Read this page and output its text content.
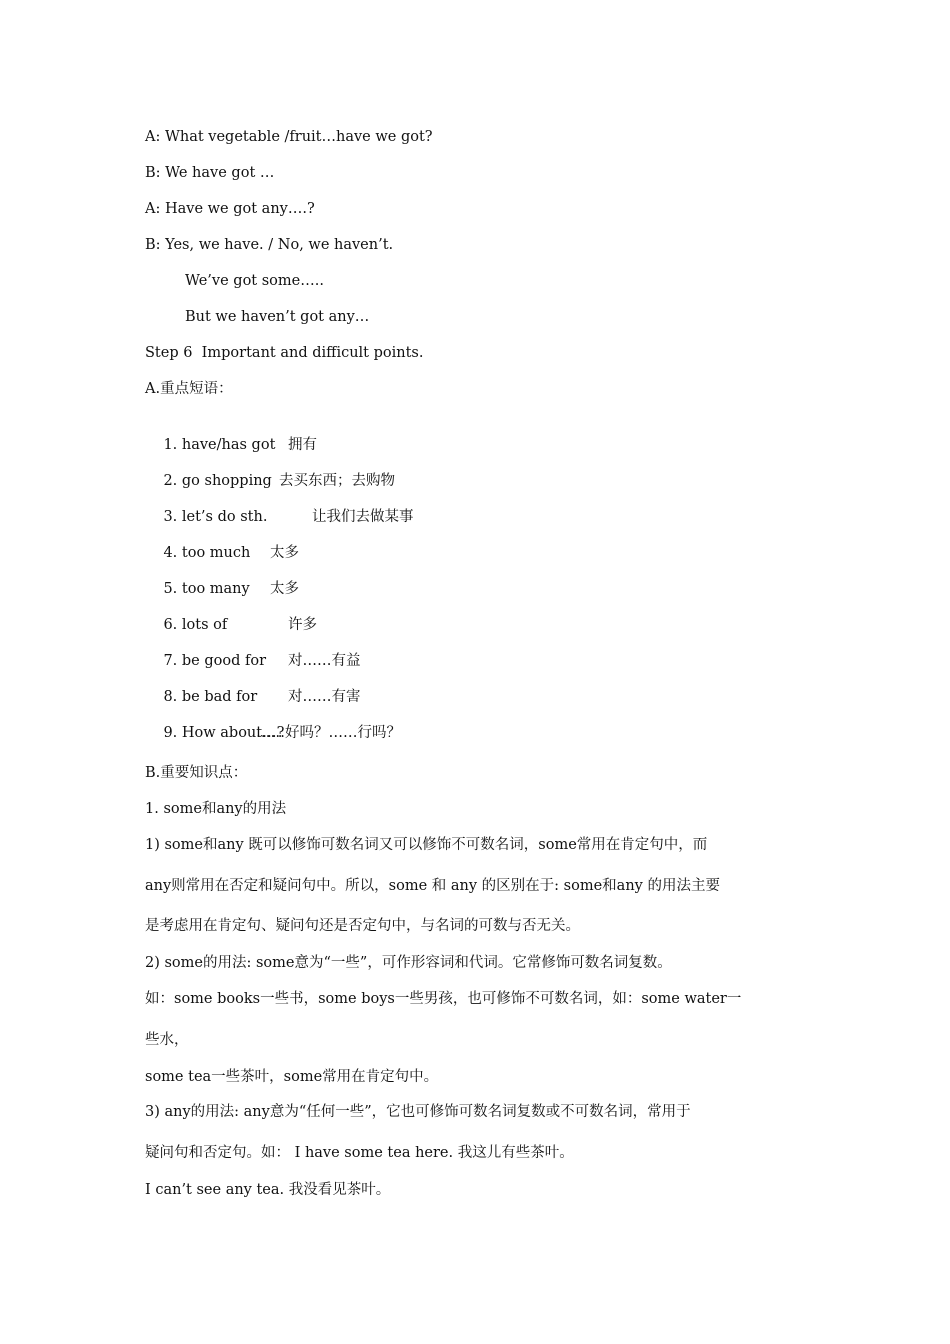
A: What vegetable /fruit…have we got?
B: We have got …
A: Have we got any….?
B: Yes, we have. / No, we haven’t.
We’ve got some…..
But we haven’t got any…
Step 6  Important and difficult points.
A.重点短语：

1. have/has got 拥有

2. go shopping 去买东西；去购物

3. let’s do sth.	让我们去做某事

4. too much 太多

5. too many 太多

6. lots of	许多

7. be good for 对……有益

8. be bad for 对……有害

9. How about…?
……好吗？……行吗？

B.重要知识点：
1. some和any的用法
1) some和any 既可以修饰可数名词又可以修饰不可数名词，some常用在肯定句中，而
any则常用在否定和疑问句中。所以，some 和 any 的区别在于: some和any 的用法主要
是考虑用在肯定句、疑问句还是否定句中，与名词的可数与否无关。
2) some的用法: some意为“一些”，可作形容词和代词。它常修饰可数名词复数。
如：some books一些书，some boys一些男孩，也可修饰不可数名词，如：some water一
些水，
some tea一些茶叶，some常用在肯定句中。
3) any的用法: any意为“任何一些”，它也可修饰可数名词复数或不可数名词，常用于
疑问句和否定句。如： I have some tea here. 我这儿有些茶叶。
I can’t see any tea. 我没看见茶叶。
